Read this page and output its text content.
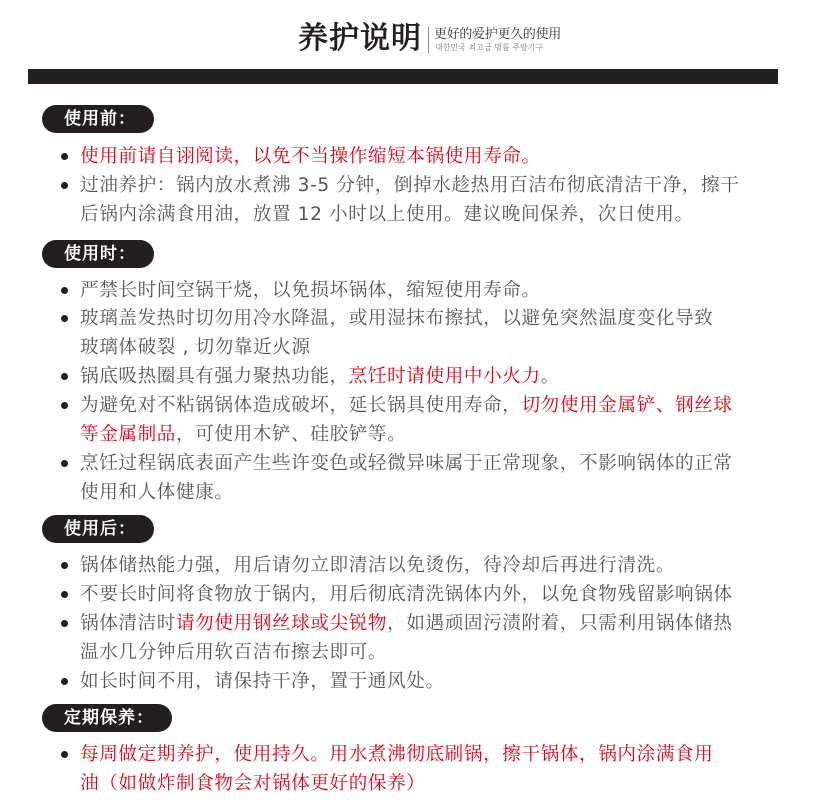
养护说明 更好的爱护更久的使用
대한민국 최고급 명품 주방기구
使用前：
使用前请自诩阅读，以免不当操作缩短本锅使用寿命。
过油养护：锅内放水煮沸 3-5 分钟，倒掉水趁热用百洁布彻底清洁干净，擦干
后锅内涂满食用油，放置 12 小时以上使用。建议晚间保养，次日使用。
使用时：
严禁长时间空锅干烧，以免损坏锅体，缩短使用寿命。
玻璃盖发热时切勿用冷水降温，或用湿抹布擦拭，以避免突然温度变化导致
玻璃体破裂 , 切勿靠近火源
锅底吸热圈具有强力聚热功能，烹饪时请使用中小火力。
为避免对不粘锅锅体造成破坏，延长锅具使用寿命，切勿使用金属铲、钢丝球
等金属制品，可使用木铲、硅胶铲等。
烹饪过程锅底表面产生些许变色或轻微异味属于正常现象，不影响锅体的正常
使用和人体健康。
使用后：
锅体储热能力强，用后请勿立即清洁以免烫伤，待冷却后再进行清洗。
不要长时间将食物放于锅内，用后彻底清洗锅体内外，以免食物残留影响锅体
锅体清洁时请勿使用钢丝球或尖锐物，如遇顽固污渍附着，只需利用锅体储热
温水几分钟后用软百洁布擦去即可。
如长时间不用，请保持干净，置于通风处。
定期保养：
每周做定期养护，使用持久。用水煮沸彻底刷锅，擦干锅体，锅内涂满食用
油（如做炸制食物会对锅体更好的保养）
